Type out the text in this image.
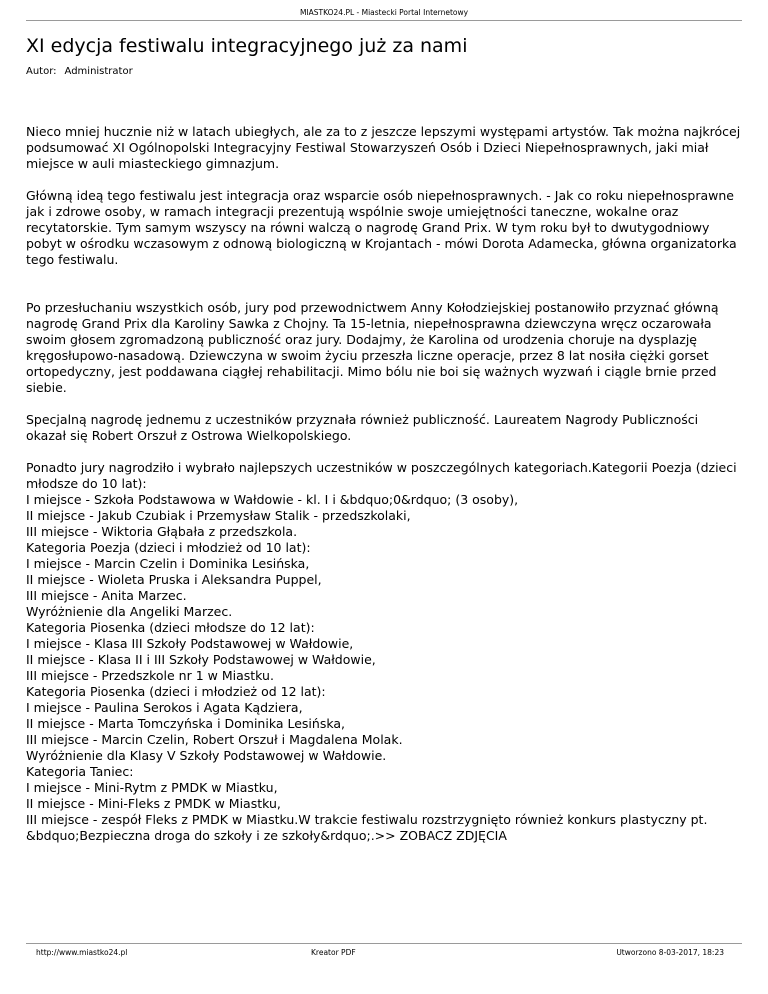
MIASTKO24.PL - Miastecki Portal Internetowy
XI edycja festiwalu integracyjnego już za nami
Autor: Administrator

Nieco mniej hucznie niż w latach ubiegłych, ale za to z jeszcze lepszymi występami artystów. Tak można najkrócej podsumować XI Ogólnopolski Integracyjny Festiwal Stowarzyszeń Osób i Dzieci Niepełnosprawnych, jaki miał miejsce w auli miasteckiego gimnazjum.

Główną ideą tego festiwalu jest integracja oraz wsparcie osób niepełnosprawnych. - Jak co roku niepełnosprawne jak i zdrowe osoby, w ramach integracji prezentują wspólnie swoje umiejętności taneczne, wokalne oraz recytatorskie. Tym samym wszyscy na równi walczą o nagrodę Grand Prix. W tym roku był to dwutygodniowy pobyt w ośrodku wczasowym z odnową biologiczną w Krojantach - mówi Dorota Adamecka, główna organizatorka tego festiwalu.

Po przesłuchaniu wszystkich osób, jury pod przewodnictwem Anny Kołodziejskiej postanowiło przyznać główną nagrodę Grand Prix dla Karoliny Sawka z Chojny. Ta 15-letnia, niepełnosprawna dziewczyna wręcz oczarowała swoim głosem zgromadzoną publiczność oraz jury. Dodajmy, że Karolina od urodzenia choruje na dysplazję kręgosłupowo-nasadową. Dziewczyna w swoim życiu przeszła liczne operacje, przez 8 lat nosiła ciężki gorset ortopedyczny, jest poddawana ciągłej rehabilitacji. Mimo bólu nie boi się ważnych wyzwań i ciągle brnie przed siebie.

Specjalną nagrodę jednemu z uczestników przyznała również publiczność. Laureatem Nagrody Publiczności okazał się Robert Orszuł z Ostrowa Wielkopolskiego.

Ponadto jury nagrodziło i wybrało najlepszych uczestników w poszczególnych kategoriach.Kategorii Poezja (dzieci młodsze do 10 lat):
I miejsce - Szkoła Podstawowa w Wałdowie - kl. I i &bdquo;0&rdquo; (3 osoby),
II miejsce - Jakub Czubiak i Przemysław Stalik - przedszkolaki,
III miejsce - Wiktoria Głąbała z przedszkola.
Kategoria Poezja (dzieci i młodzież od 10 lat):
I miejsce - Marcin Czelin i Dominika Lesińska,
II miejsce - Wioleta Pruska i Aleksandra Puppel,
III miejsce - Anita Marzec.
Wyróżnienie dla Angeliki Marzec.
Kategoria Piosenka (dzieci młodsze do 12 lat):
I miejsce - Klasa III Szkoły Podstawowej w Wałdowie,
II miejsce - Klasa II i III Szkoły Podstawowej w Wałdowie,
III miejsce - Przedszkole nr 1 w Miastku.
Kategoria Piosenka (dzieci i młodzież od 12 lat):
I miejsce - Paulina Serokos i Agata Kądziera,
II miejsce - Marta Tomczyńska i Dominika Lesińska,
III miejsce - Marcin Czelin, Robert Orszuł i Magdalena Molak.
Wyróżnienie dla Klasy V Szkoły Podstawowej w Wałdowie.
Kategoria Taniec:
I miejsce - Mini-Rytm z PMDK w Miastku,
II miejsce - Mini-Fleks z PMDK w Miastku,
III miejsce - zespół Fleks z PMDK w Miastku.W trakcie festiwalu rozstrzygnięto również konkurs plastyczny pt. &bdquo;Bezpieczna droga do szkoły i ze szkoły&rdquo;.>> ZOBACZ ZDJĘCIA
http://www.miastko24.pl	Kreator PDF	Utworzono 8-03-2017, 18:23
